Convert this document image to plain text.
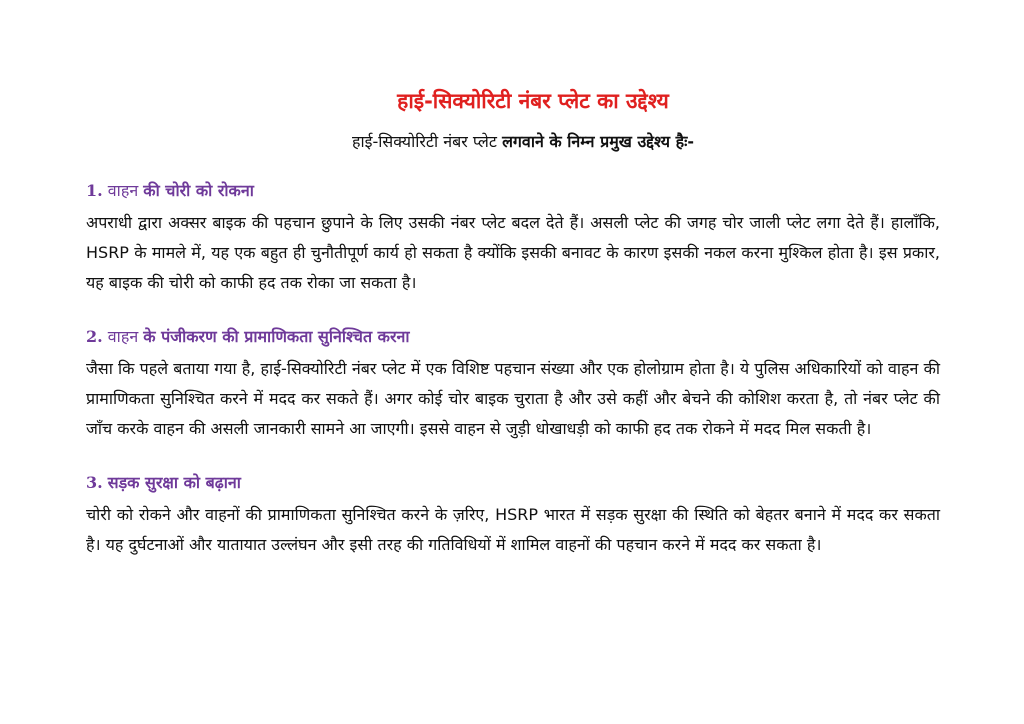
हाई-सिक्योरिटी नंबर प्लेट का उद्देश्य

हाई-सिक्योरिटी नंबर प्लेट लगवाने के निम्न प्रमुख उद्देश्य हैः-

1. वाहन की चोरी को रोकना

अपराधी द्वारा अक्सर बाइक की पहचान छुपाने के लिए उसकी नंबर प्लेट बदल देते हैं। असली प्लेट की जगह चोर जाली प्लेट लगा देते हैं। हालाँकि, HSRP के मामले में, यह एक बहुत ही चुनौतीपूर्ण कार्य हो सकता है क्योंकि इसकी बनावट के कारण इसकी नकल करना मुश्किल होता है। इस प्रकार, यह बाइक की चोरी को काफी हद तक रोका जा सकता है।

2. वाहन के पंजीकरण की प्रामाणिकता सुनिश्चित करना

जैसा कि पहले बताया गया है, हाई-सिक्योरिटी नंबर प्लेट में एक विशिष्ट पहचान संख्या और एक होलोग्राम होता है। ये पुलिस अधिकारियों को वाहन की प्रामाणिकता सुनिश्चित करने में मदद कर सकते हैं। अगर कोई चोर बाइक चुराता है और उसे कहीं और बेचने की कोशिश करता है, तो नंबर प्लेट की जाँच करके वाहन की असली जानकारी सामने आ जाएगी। इससे वाहन से जुड़ी धोखाधड़ी को काफी हद तक रोकने में मदद मिल सकती है।

3. सड़क सुरक्षा को बढ़ाना

चोरी को रोकने और वाहनों की प्रामाणिकता सुनिश्चित करने के ज़रिए, HSRP भारत में सड़क सुरक्षा की स्थिति को बेहतर बनाने में मदद कर सकता है। यह दुर्घटनाओं और यातायात उल्लंघन और इसी तरह की गतिविधियों में शामिल वाहनों की पहचान करने में मदद कर सकता है।
